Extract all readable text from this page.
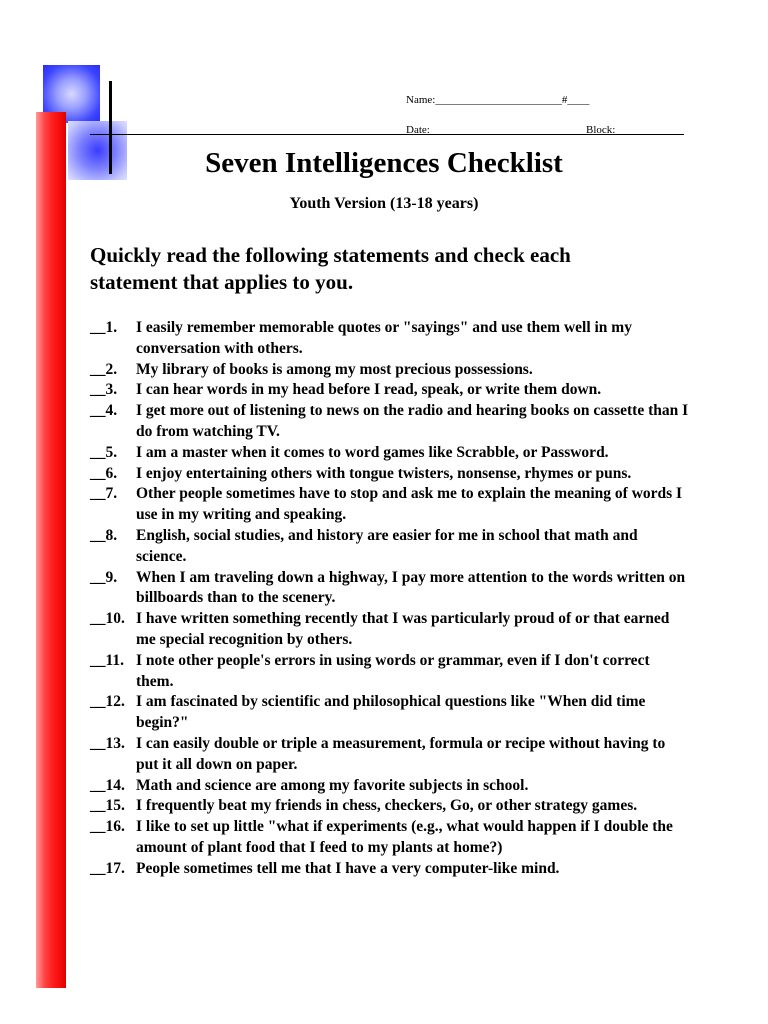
Name:_______________________#____
Date:	Block:
Seven Intelligences Checklist
Youth Version (13-18 years)
Quickly read the following statements and check each statement that applies to you.
__1.	I easily remember memorable quotes or "sayings" and use them well in my conversation with others.
__2.	My library of books is among my most precious possessions.
__3.	I can hear words in my head before I read, speak, or write them down.
__4.	I get more out of listening to news on the radio and hearing books on cassette than I do from watching TV.
__5.	I am a master when it comes to word games like Scrabble, or Password.
__6.	I enjoy entertaining others with tongue twisters, nonsense, rhymes or puns.
__7.	Other people sometimes have to stop and ask me to explain the meaning of words I use in my writing and speaking.
__8.	English, social studies, and history are easier for me in school that math and science.
__9.	When I am traveling down a highway, I pay more attention to the words written on billboards than to the scenery.
__10. I have written something recently that I was particularly proud of or that earned me special recognition by others.
__11. I note other people's errors in using words or grammar, even if I don't correct them.
__12. I am fascinated by scientific and philosophical questions like "When did time begin?"
__13. I can easily double or triple a measurement, formula or recipe without having to put it all down on paper.
__14. Math and science are among my favorite subjects in school.
__15. I frequently beat my friends in chess, checkers, Go, or other strategy games.
__16. I like to set up little "what if experiments (e.g., what would happen if I double the amount of plant food that I feed to my plants at home?)
__17. People sometimes tell me that I have a very computer-like mind.
